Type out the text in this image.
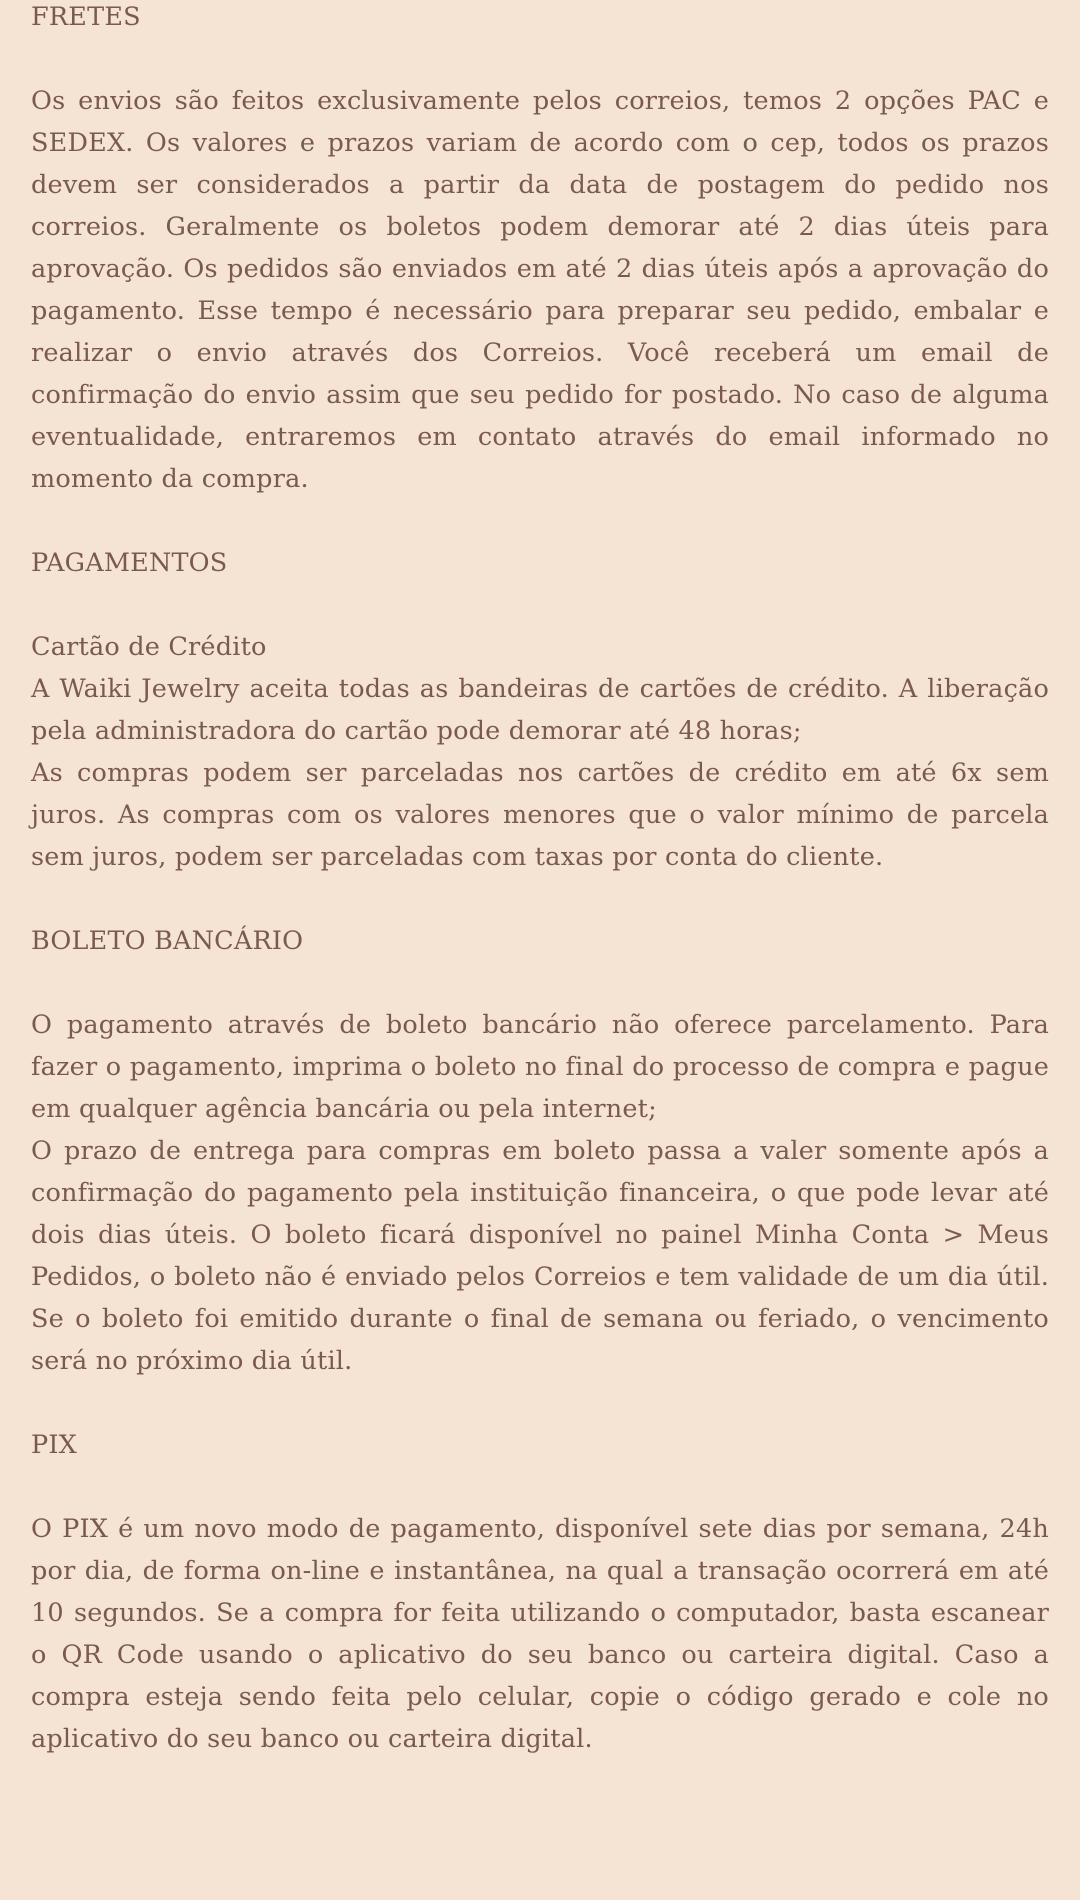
FRETES

Os envios são feitos exclusivamente pelos correios, temos 2 opções PAC e SEDEX. Os valores e prazos variam de acordo com o cep, todos os prazos devem ser considerados a partir da data de postagem do pedido nos correios. Geralmente os boletos podem demorar até 2 dias úteis para aprovação. Os pedidos são enviados em até 2 dias úteis após a aprovação do pagamento. Esse tempo é necessário para preparar seu pedido, embalar e realizar o envio através dos Correios. Você receberá um email de confirmação do envio assim que seu pedido for postado. No caso de alguma eventualidade, entraremos em contato através do email informado no momento da compra.

PAGAMENTOS

Cartão de Crédito

A Waiki Jewelry aceita todas as bandeiras de cartões de crédito. A liberação pela administradora do cartão pode demorar até 48 horas;

As compras podem ser parceladas nos cartões de crédito em até 6x sem juros. As compras com os valores menores que o valor mínimo de parcela sem juros, podem ser parceladas com taxas por conta do cliente.

BOLETO BANCÁRIO

O pagamento através de boleto bancário não oferece parcelamento. Para fazer o pagamento, imprima o boleto no final do processo de compra e pague em qualquer agência bancária ou pela internet;

O prazo de entrega para compras em boleto passa a valer somente após a confirmação do pagamento pela instituição financeira, o que pode levar até dois dias úteis. O boleto ficará disponível no painel Minha Conta > Meus Pedidos, o boleto não é enviado pelos Correios e tem validade de um dia útil. Se o boleto foi emitido durante o final de semana ou feriado, o vencimento será no próximo dia útil.

PIX

O PIX é um novo modo de pagamento, disponível sete dias por semana, 24h por dia, de forma on-line e instantânea, na qual a transação ocorrerá em até 10 segundos. Se a compra for feita utilizando o computador, basta escanear o QR Code usando o aplicativo do seu banco ou carteira digital. Caso a compra esteja sendo feita pelo celular, copie o código gerado e cole no aplicativo do seu banco ou carteira digital.
